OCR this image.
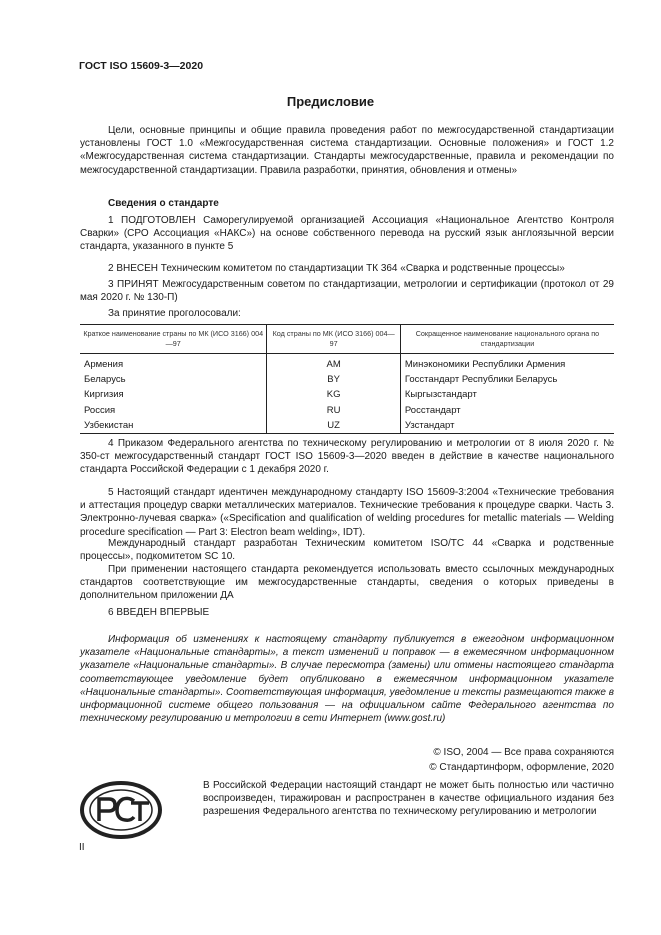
ГОСТ ISO 15609-3—2020
Предисловие
Цели, основные принципы и общие правила проведения работ по межгосударственной стандартизации установлены ГОСТ 1.0 «Межгосударственная система стандартизации. Основные положения» и ГОСТ 1.2 «Межгосударственная система стандартизации. Стандарты межгосударственные, правила и рекомендации по межгосударственной стандартизации. Правила разработки, принятия, обновления и отмены»
Сведения о стандарте
1 ПОДГОТОВЛЕН Саморегулируемой организацией Ассоциация «Национальное Агентство Контроля Сварки» (СРО Ассоциация «НАКС») на основе собственного перевода на русский язык англоязычной версии стандарта, указанного в пункте 5
2 ВНЕСЕН Техническим комитетом по стандартизации ТК 364 «Сварка и родственные процессы»
3 ПРИНЯТ Межгосударственным советом по стандартизации, метрологии и сертификации (протокол от 29 мая 2020 г. № 130-П)
За принятие проголосовали:
Краткое наименование страны по МК (ИСО 3166) 004—97	Код страны по МК (ИСО 3166) 004—97	Сокращенное наименование национального органа по стандартизации
Армения	AM	Минэкономики Республики Армения
Беларусь	BY	Госстандарт Республики Беларусь
Киргизия	KG	Кыргызстандарт
Россия	RU	Росстандарт
Узбекистан	UZ	Узстандарт
4 Приказом Федерального агентства по техническому регулированию и метрологии от 8 июля 2020 г. № 350-ст межгосударственный стандарт ГОСТ ISO 15609-3—2020 введен в действие в качестве национального стандарта Российской Федерации с 1 декабря 2020 г.
5 Настоящий стандарт идентичен международному стандарту ISO 15609-3:2004 «Технические требования и аттестация процедур сварки металлических материалов. Технические требования к процедуре сварки. Часть 3. Электронно-лучевая сварка» («Specification and qualification of welding procedures for metallic materials — Welding procedure specification — Part 3: Electron beam welding», IDT).
Международный стандарт разработан Техническим комитетом ISO/TC 44 «Сварка и родственные процессы», подкомитетом SC 10.
При применении настоящего стандарта рекомендуется использовать вместо ссылочных международных стандартов соответствующие им межгосударственные стандарты, сведения о которых приведены в дополнительном приложении ДА
6 ВВЕДЕН ВПЕРВЫЕ
Информация об изменениях к настоящему стандарту публикуется в ежегодном информационном указателе «Национальные стандарты», а текст изменений и поправок — в ежемесячном информационном указателе «Национальные стандарты». В случае пересмотра (замены) или отмены настоящего стандарта соответствующее уведомление будет опубликовано в ежемесячном информационном указателе «Национальные стандарты». Соответствующая информация, уведомление и тексты размещаются также в информационной системе общего пользования — на официальном сайте Федерального агентства по техническому регулированию и метрологии в сети Интернет (www.gost.ru)
© ISO, 2004 — Все права сохраняются
© Стандартинформ, оформление, 2020
РСТ
В Российской Федерации настоящий стандарт не может быть полностью или частично воспроизведен, тиражирован и распространен в качестве официального издания без разрешения Федерального агентства по техническому регулированию и метрологии
II
